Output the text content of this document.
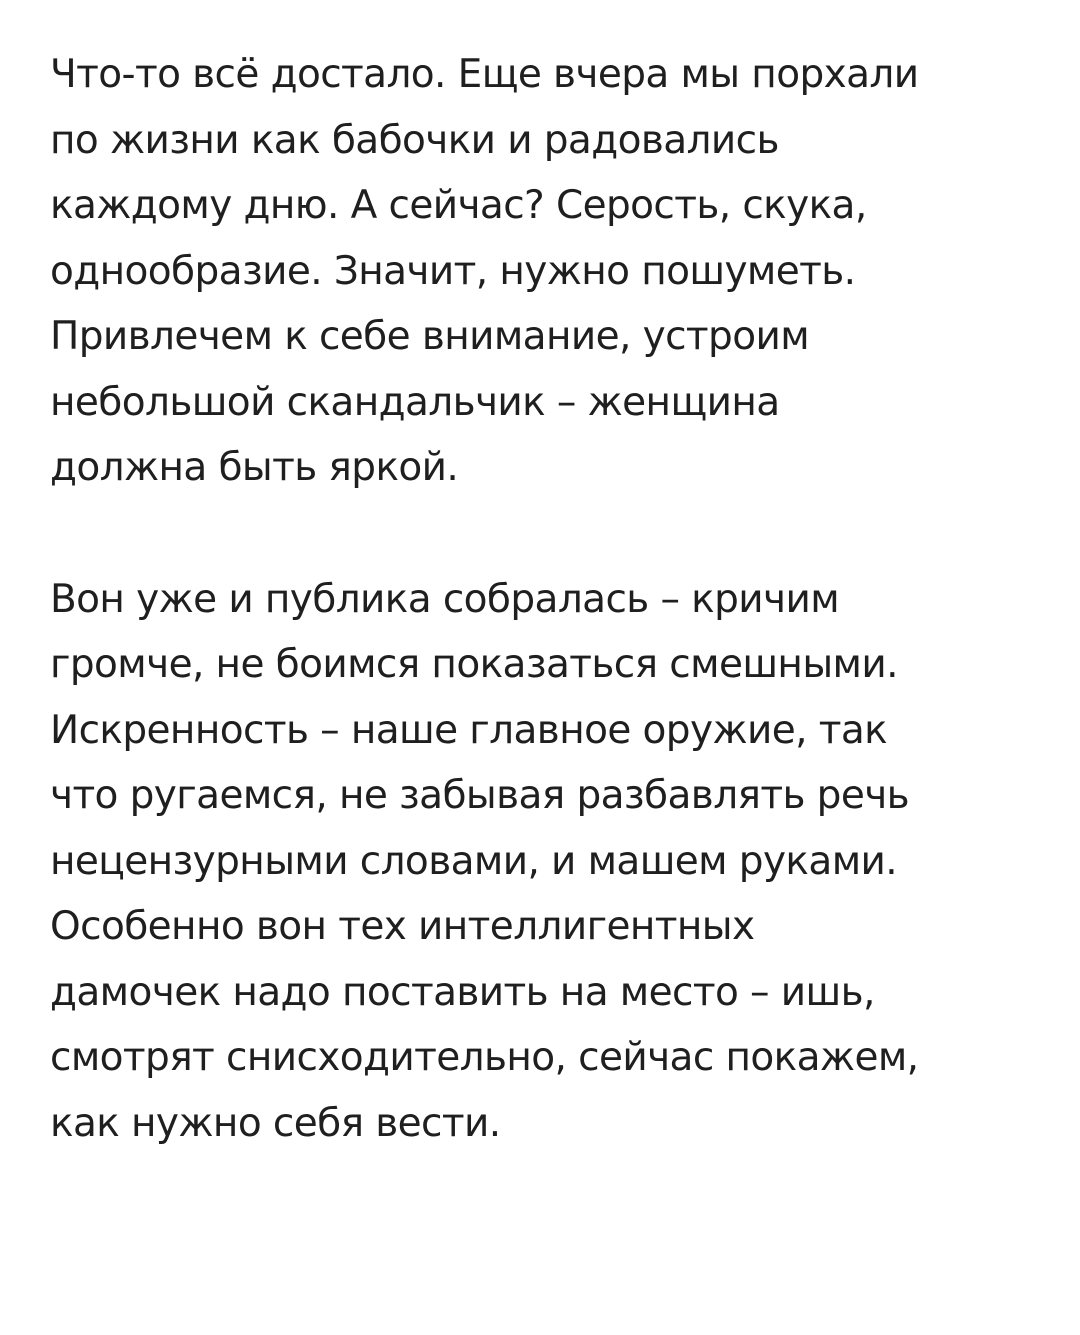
Что-то всё достало. Еще вчера мы порхали
по жизни как бабочки и радовались
каждому дню. А сейчас? Серость, скука,
однообразие. Значит, нужно пошуметь.
Привлечем к себе внимание, устроим
небольшой скандальчик – женщина
должна быть яркой.

Вон уже и публика собралась – кричим
громче, не боимся показаться смешными.
Искренность – наше главное оружие, так
что ругаемся, не забывая разбавлять речь
нецензурными словами, и машем руками.
Особенно вон тех интеллигентных
дамочек надо поставить на место – ишь,
смотрят снисходительно, сейчас покажем,
как нужно себя вести.
